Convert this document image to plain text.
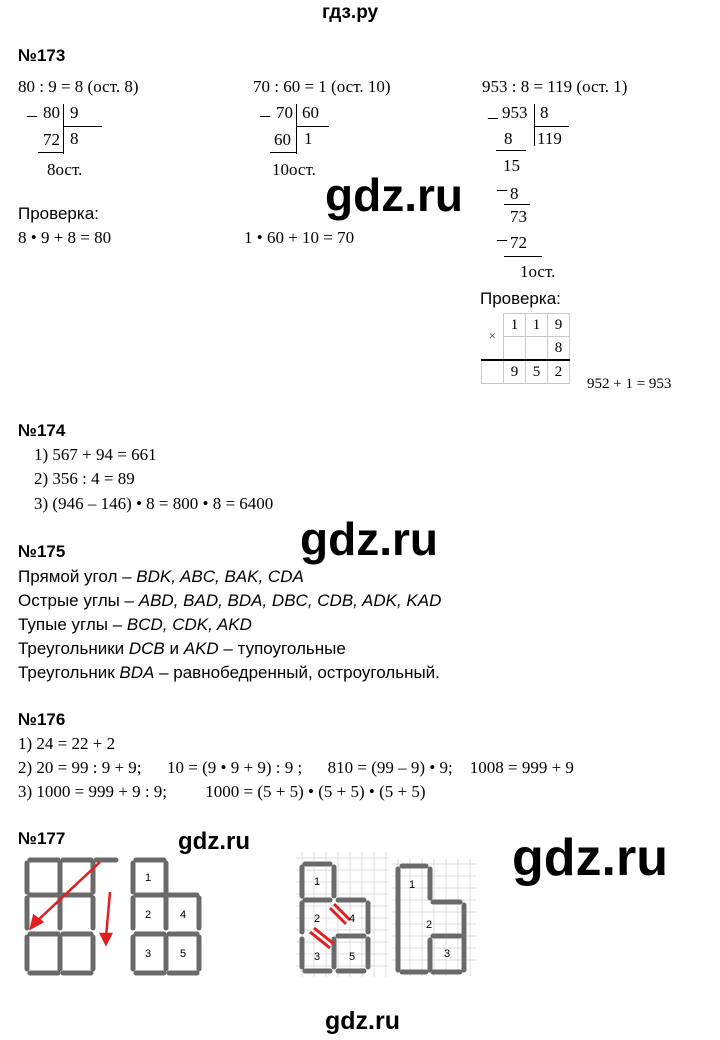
гдз.ру
gdz.ru
gdz.ru
gdz.ru	gdz.ru
gdz.ru
№173
80 : 9 = 8 (ост. 8)	70 : 60 = 1 (ост. 10)	953 : 8 = 119 (ост. 1)
– 80 9
8
72
8ост.
– 70 60
1
60
10ост.
– 953 8
119
8
15
– 8
73
– 72
1ост.
Проверка:
8 • 9 + 8 = 80	1 • 60 + 10 = 70
Проверка:
×	1	1	9
			8
	9	5	2
952 + 1 = 953
№174
1) 567 + 94 = 661
2) 356 : 4 = 89
3) (946 – 146) • 8 = 800 • 8 = 6400
№175
Прямой угол – BDK, ABC, BAK, CDA
Острые углы – ABD, BAD, BDA, DBC, CDB, ADK, KAD
Тупые углы – BCD, CDK, AKD
Треугольники DCB и AKD – тупоугольные
Треугольник BDA – равнобедренный, остроугольный.
№176
1) 24 = 22 + 2
2) 20 = 99 : 9 + 9;      10 = (9 • 9 + 9) : 9 ;      810 = (99 – 9) • 9;    1008 = 999 + 9
3) 1000 = 999 + 9 : 9;         1000 = (5 + 5) • (5 + 5) • (5 + 5)
№177
1
2	4
3	5
1
2	4
3	5
1
2
3
